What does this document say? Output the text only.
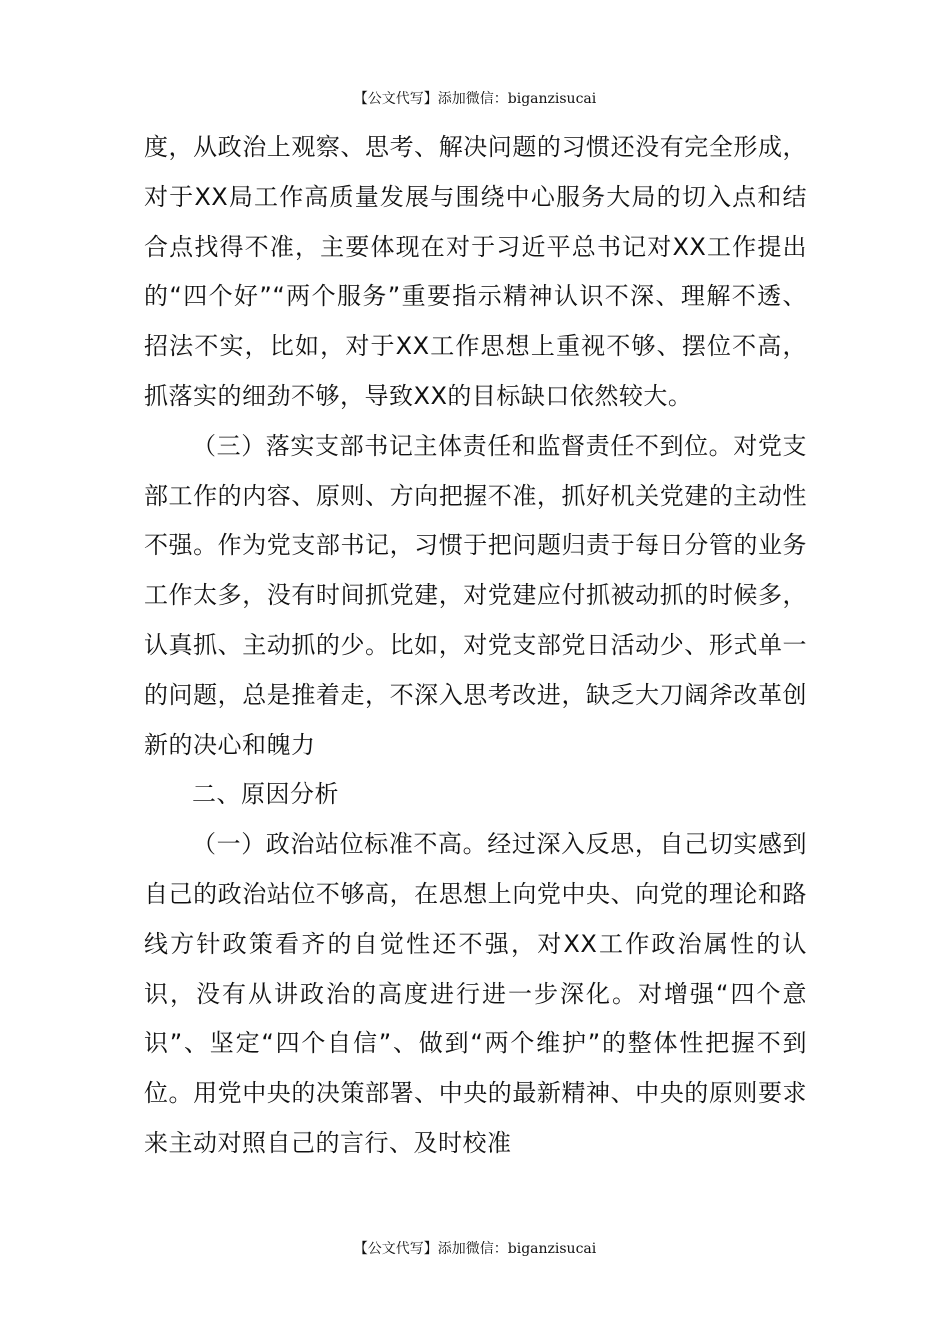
【公文代写】添加微信：biganzisucai

度，从政治上观察、思考、解决问题的习惯还没有完全形成，对于XX局工作高质量发展与围绕中心服务大局的切入点和结合点找得不准，主要体现在对于习近平总书记对XX工作提出的“四个好”“两个服务”重要指示精神认识不深、理解不透、招法不实，比如，对于XX工作思想上重视不够、摆位不高，抓落实的细劲不够，导致XX的目标缺口依然较大。

（三）落实支部书记主体责任和监督责任不到位。对党支部工作的内容、原则、方向把握不准，抓好机关党建的主动性不强。作为党支部书记，习惯于把问题归责于每日分管的业务工作太多，没有时间抓党建，对党建应付抓被动抓的时候多，认真抓、主动抓的少。比如，对党支部党日活动少、形式单一的问题，总是推着走，不深入思考改进，缺乏大刀阔斧改革创新的决心和魄力

二、原因分析

（一）政治站位标准不高。经过深入反思，自己切实感到自己的政治站位不够高，在思想上向党中央、向党的理论和路线方针政策看齐的自觉性还不强，对XX工作政治属性的认识，没有从讲政治的高度进行进一步深化。对增强“四个意识”、坚定“四个自信”、做到“两个维护”的整体性把握不到位。用党中央的决策部署、中央的最新精神、中央的原则要求来主动对照自己的言行、及时校准

【公文代写】添加微信：biganzisucai
